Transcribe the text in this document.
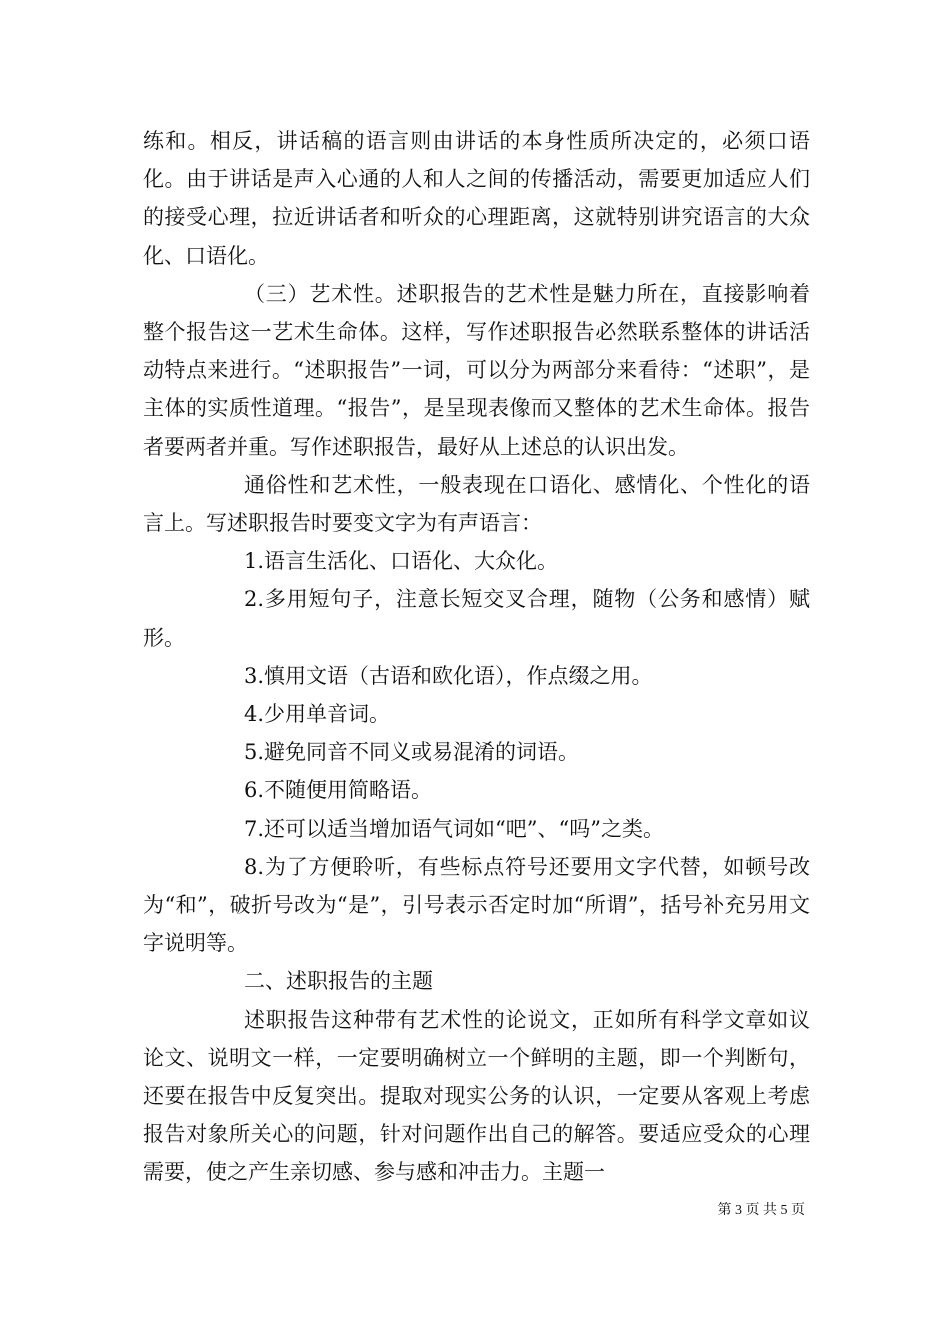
练和。相反，讲话稿的语言则由讲话的本身性质所决定的，必须口语化。由于讲话是声入心通的人和人之间的传播活动，需要更加适应人们的接受心理，拉近讲话者和听众的心理距离，这就特别讲究语言的大众化、口语化。

（三）艺术性。述职报告的艺术性是魅力所在，直接影响着整个报告这一艺术生命体。这样，写作述职报告必然联系整体的讲话活动特点来进行。“述职报告”一词，可以分为两部分来看待：“述职”，是主体的实质性道理。“报告”，是呈现表像而又整体的艺术生命体。报告者要两者并重。写作述职报告，最好从上述总的认识出发。

通俗性和艺术性，一般表现在口语化、感情化、个性化的语言上。写述职报告时要变文字为有声语言：

1.语言生活化、口语化、大众化。

2.多用短句子，注意长短交叉合理，随物（公务和感情）赋形。

3.慎用文语（古语和欧化语），作点缀之用。

4.少用单音词。

5.避免同音不同义或易混淆的词语。

6.不随便用简略语。

7.还可以适当增加语气词如“吧”、“吗”之类。

8.为了方便聆听，有些标点符号还要用文字代替，如顿号改为“和”，破折号改为“是”，引号表示否定时加“所谓”，括号补充另用文字说明等。

二、述职报告的主题

述职报告这种带有艺术性的论说文，正如所有科学文章如议论文、说明文一样，一定要明确树立一个鲜明的主题，即一个判断句，还要在报告中反复突出。提取对现实公务的认识，一定要从客观上考虑报告对象所关心的问题，针对问题作出自己的解答。要适应受众的心理需要，使之产生亲切感、参与感和冲击力。主题一

第 3 页 共 5 页
